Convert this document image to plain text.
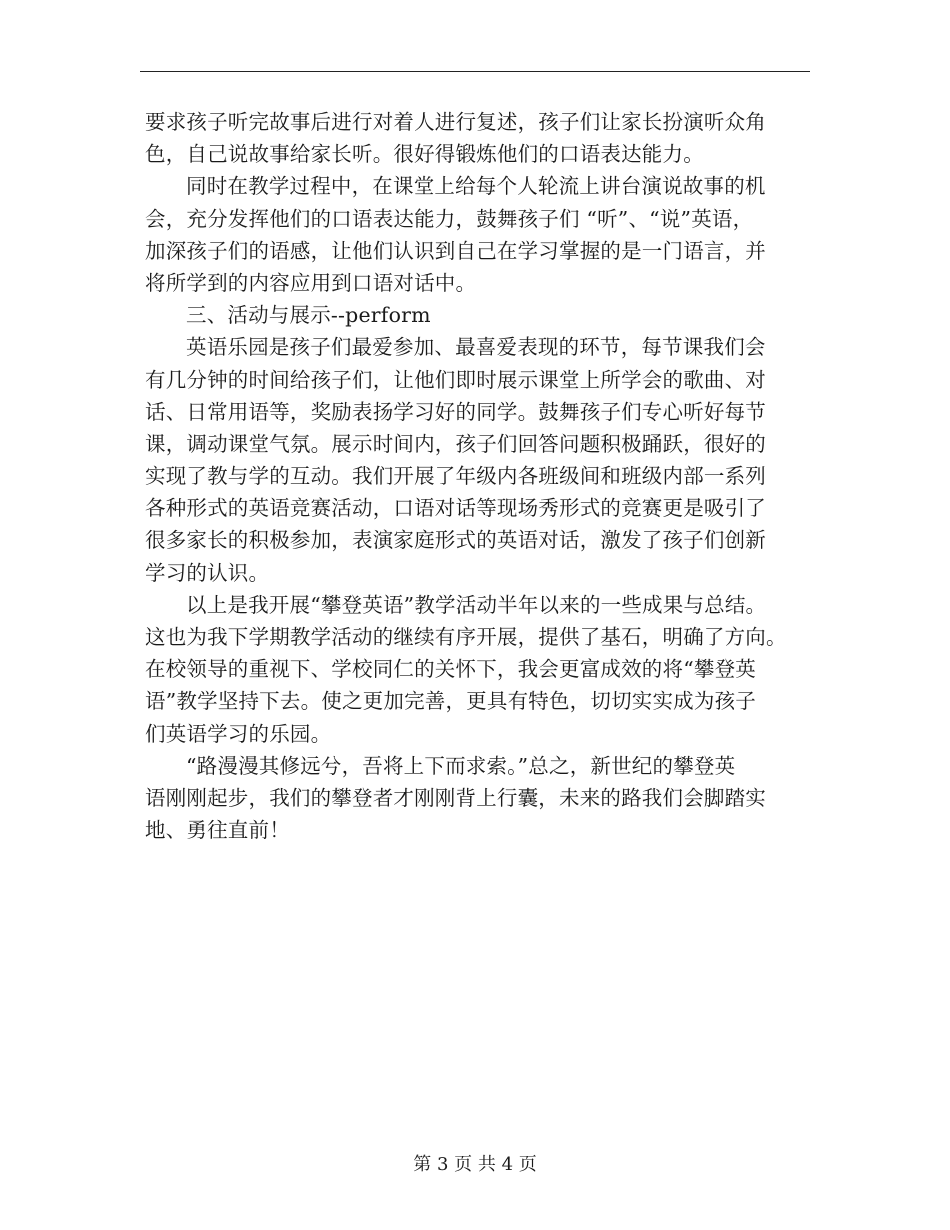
要求孩子听完故事后进行对着人进行复述，孩子们让家长扮演听众角
色，自己说故事给家长听。很好得锻炼他们的口语表达能力。
同时在教学过程中，在课堂上给每个人轮流上讲台演说故事的机
会，充分发挥他们的口语表达能力，鼓舞孩子们 “听”、“说”英语，
加深孩子们的语感，让他们认识到自己在学习掌握的是一门语言，并
将所学到的内容应用到口语对话中。
三、活动与展示--perform
英语乐园是孩子们最爱参加、最喜爱表现的环节，每节课我们会
有几分钟的时间给孩子们，让他们即时展示课堂上所学会的歌曲、对
话、日常用语等，奖励表扬学习好的同学。鼓舞孩子们专心听好每节
课，调动课堂气氛。展示时间内，孩子们回答问题积极踊跃，很好的
实现了教与学的互动。我们开展了年级内各班级间和班级内部一系列
各种形式的英语竞赛活动，口语对话等现场秀形式的竞赛更是吸引了
很多家长的积极参加，表演家庭形式的英语对话，激发了孩子们创新
学习的认识。
以上是我开展“攀登英语”教学活动半年以来的一些成果与总结。
这也为我下学期教学活动的继续有序开展，提供了基石，明确了方向。
在校领导的重视下、学校同仁的关怀下，我会更富成效的将“攀登英
语”教学坚持下去。使之更加完善，更具有特色，切切实实成为孩子
们英语学习的乐园。
“路漫漫其修远兮，吾将上下而求索。”总之，新世纪的攀登英
语刚刚起步，我们的攀登者才刚刚背上行囊，未来的路我们会脚踏实
地、勇往直前！
第 3 页 共 4 页
